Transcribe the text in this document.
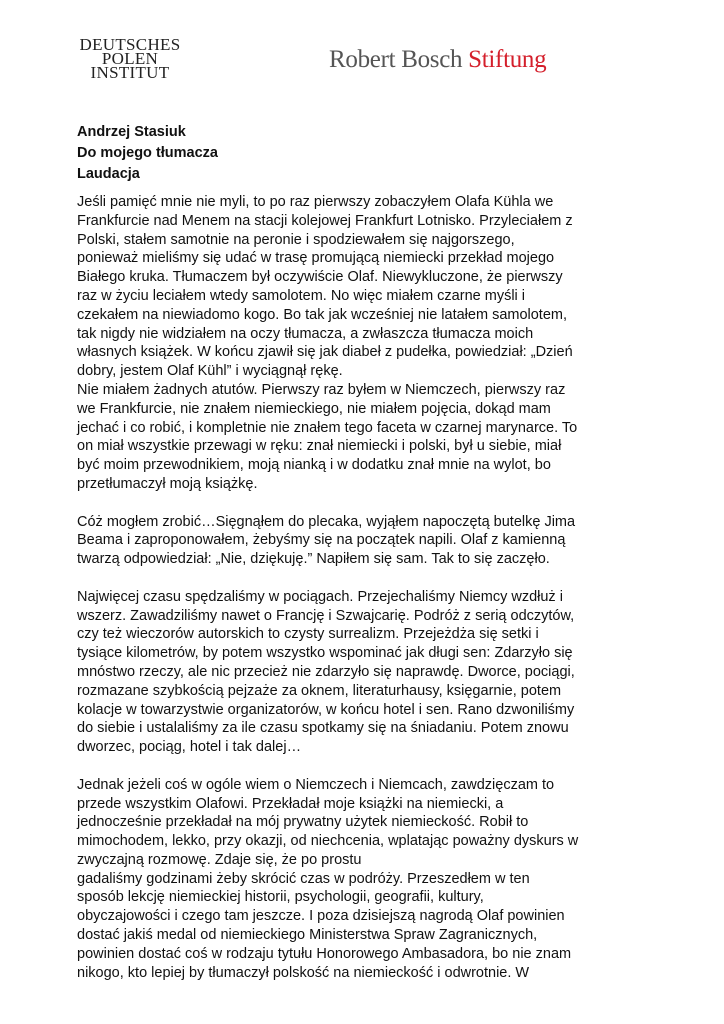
DEUTSCHES
POLEN
INSTITUT	Robert Bosch Stiftung
Andrzej Stasiuk
Do mojego tłumacza
Laudacja
Jeśli pamięć mnie nie myli, to po raz pierwszy zobaczyłem Olafa Kühla we
Frankfurcie nad Menem na stacji kolejowej Frankfurt Lotnisko. Przyleciałem z
Polski, stałem samotnie na peronie i spodziewałem się najgorszego,
ponieważ mieliśmy się udać w trasę promującą niemiecki przekład mojego
Białego kruka. Tłumaczem był oczywiście Olaf. Niewykluczone, że pierwszy
raz w życiu leciałem wtedy samolotem. No więc miałem czarne myśli i
czekałem na niewiadomo kogo. Bo tak jak wcześniej nie latałem samolotem,
tak nigdy nie widziałem na oczy tłumacza, a zwłaszcza tłumacza moich
własnych książek. W końcu zjawił się jak diabeł z pudełka, powiedział: „Dzień
dobry, jestem Olaf Kühl” i wyciągnął rękę.
Nie miałem żadnych atutów. Pierwszy raz byłem w Niemczech, pierwszy raz
we Frankfurcie, nie znałem niemieckiego, nie miałem pojęcia, dokąd mam
jechać i co robić, i kompletnie nie znałem tego faceta w czarnej marynarce. To
on miał wszystkie przewagi w ręku: znał niemiecki i polski, był u siebie, miał
być moim przewodnikiem, moją nianką i w dodatku znał mnie na wylot, bo
przetłumaczył moją książkę.
Cóż mogłem zrobić…Sięgnąłem do plecaka, wyjąłem napoczętą butelkę Jima
Beama i zaproponowałem, żebyśmy się na początek napili. Olaf z kamienną
twarzą odpowiedział: „Nie, dziękuję.” Napiłem się sam. Tak to się zaczęło.
Najwięcej czasu spędzaliśmy w pociągach. Przejechaliśmy Niemcy wzdłuż i
wszerz. Zawadziliśmy nawet o Francję i Szwajcarię. Podróż z serią odczytów,
czy też wieczorów autorskich to czysty surrealizm. Przejeżdża się setki i
tysiące kilometrów, by potem wszystko wspominać jak długi sen: Zdarzyło się
mnóstwo rzeczy, ale nic przecież nie zdarzyło się naprawdę. Dworce, pociągi,
rozmazane szybkością pejzaże za oknem, literaturhausy, księgarnie, potem
kolacje w towarzystwie organizatorów, w końcu hotel i sen. Rano dzwoniliśmy
do siebie i ustalaliśmy za ile czasu spotkamy się na śniadaniu. Potem znowu
dworzec, pociąg, hotel i tak dalej…
Jednak jeżeli coś w ogóle wiem o Niemczech i Niemcach, zawdzięczam to
przede wszystkim Olafowi. Przekładał moje książki na niemiecki, a
jednocześnie przekładał na mój prywatny użytek niemieckość. Robił to
mimochodem, lekko, przy okazji, od niechcenia, wplatając poważny dyskurs w
zwyczajną rozmowę. Zdaje się, że po prostu
gadaliśmy godzinami żeby skrócić czas w podróży. Przeszedłem w ten
sposób lekcję niemieckiej historii, psychologii, geografii, kultury,
obyczajowości i czego tam jeszcze. I poza dzisiejszą nagrodą Olaf powinien
dostać jakiś medal od niemieckiego Ministerstwa Spraw Zagranicznych,
powinien dostać coś w rodzaju tytułu Honorowego Ambasadora, bo nie znam
nikogo, kto lepiej by tłumaczył polskość na niemieckość i odwrotnie. W
